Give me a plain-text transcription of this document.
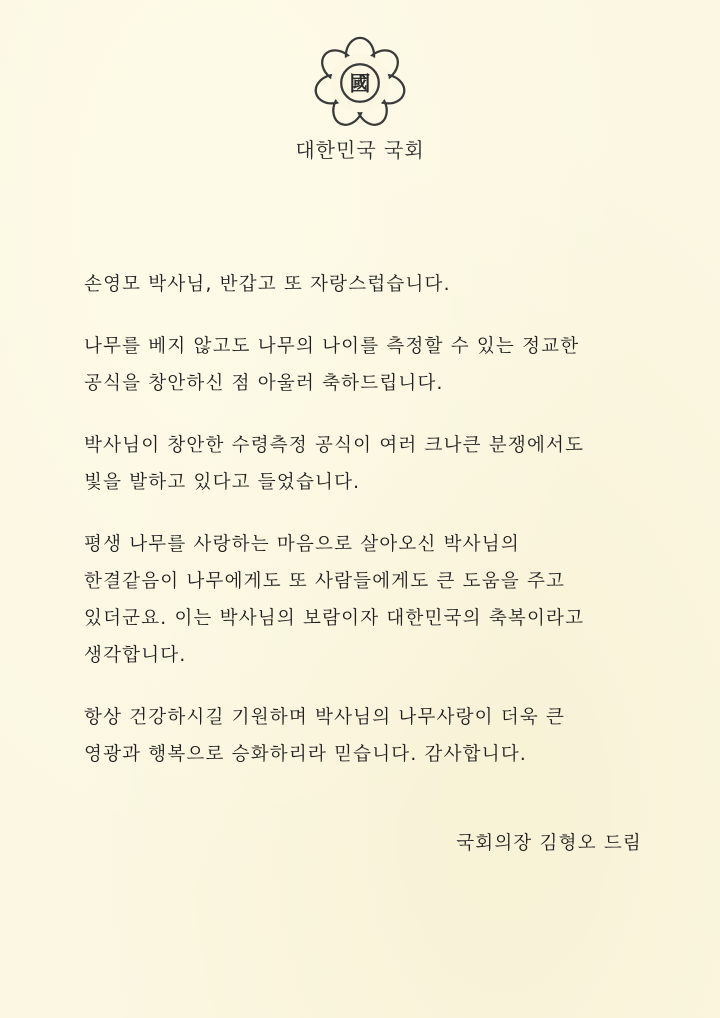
國
대한민국 국회
손영모 박사님, 반갑고 또 자랑스럽습니다.
나무를 베지 않고도 나무의 나이를 측정할 수 있는 정교한
공식을 창안하신 점 아울러 축하드립니다.
박사님이 창안한 수령측정 공식이 여러 크나큰 분쟁에서도
빛을 발하고 있다고 들었습니다.
평생 나무를 사랑하는 마음으로 살아오신 박사님의
한결같음이 나무에게도 또 사람들에게도 큰 도움을 주고
있더군요. 이는 박사님의 보람이자 대한민국의 축복이라고
생각합니다.
항상 건강하시길 기원하며 박사님의 나무사랑이 더욱 큰
영광과 행복으로 승화하리라 믿습니다. 감사합니다.
국회의장 김형오 드림
